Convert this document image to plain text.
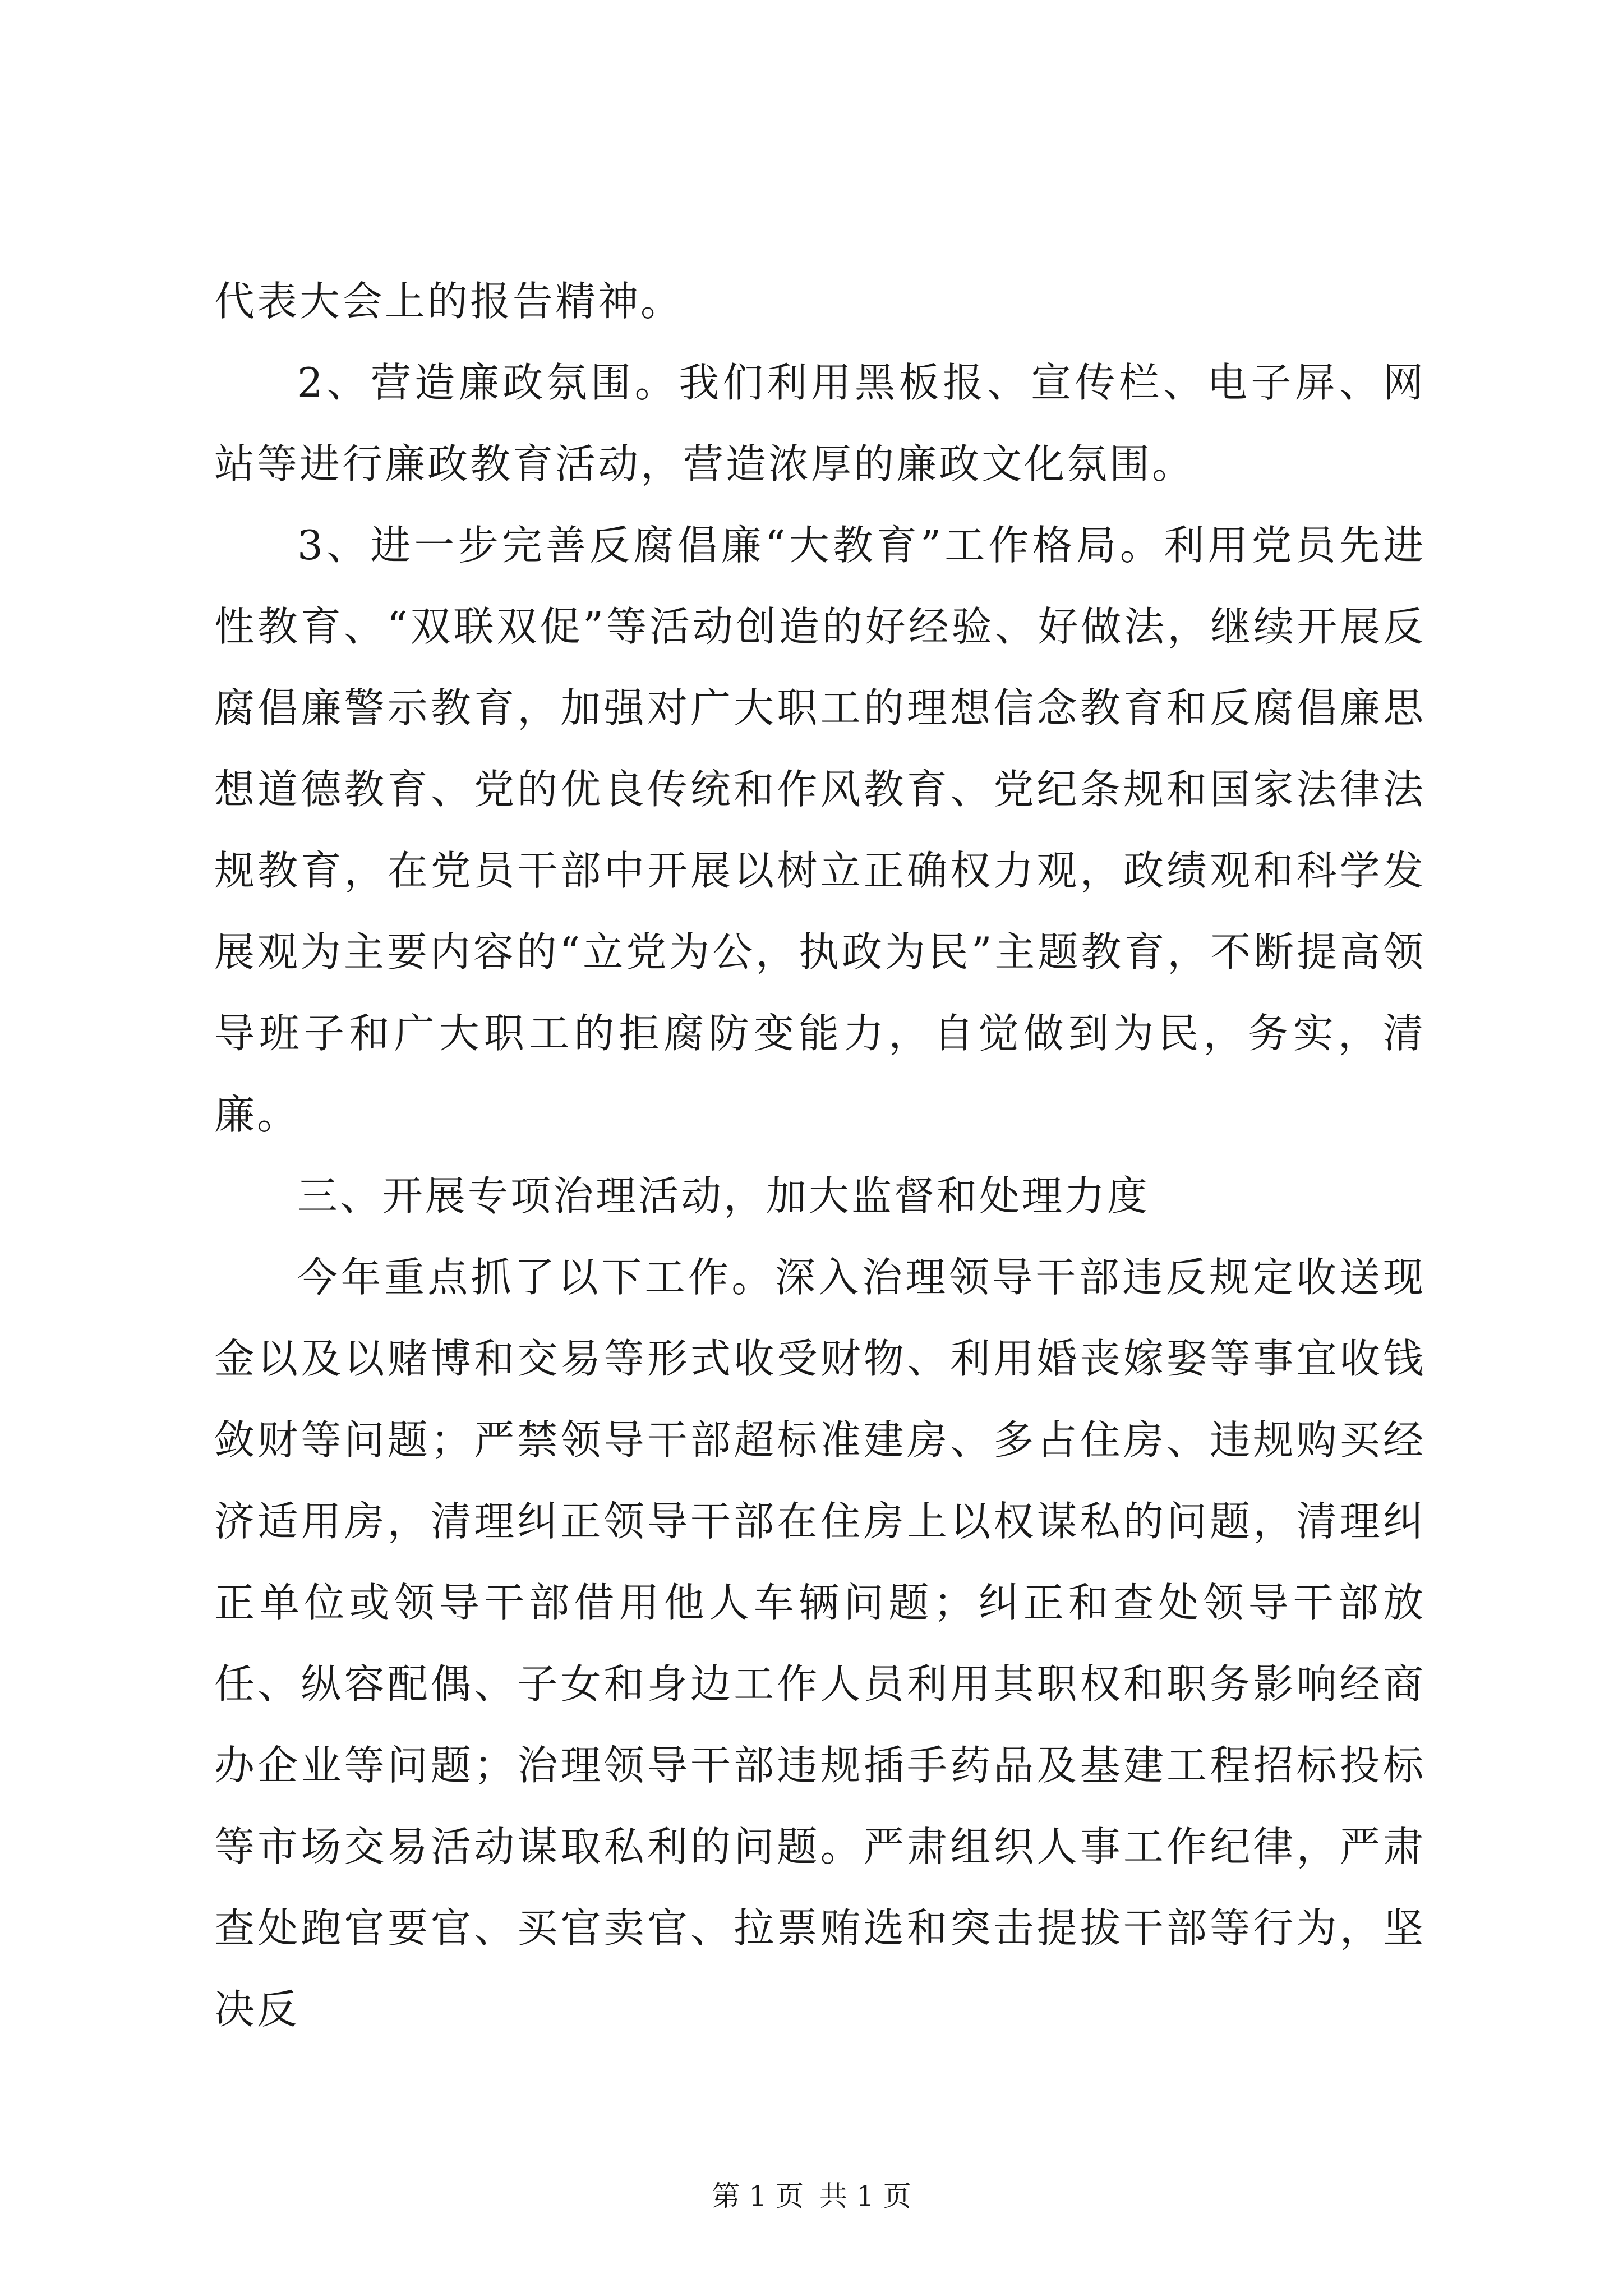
代表大会上的报告精神。

2、营造廉政氛围。我们利用黑板报、宣传栏、电子屏、网站等进行廉政教育活动，营造浓厚的廉政文化氛围。

3、进一步完善反腐倡廉“大教育”工作格局。利用党员先进性教育、“双联双促”等活动创造的好经验、好做法，继续开展反腐倡廉警示教育，加强对广大职工的理想信念教育和反腐倡廉思想道德教育、党的优良传统和作风教育、党纪条规和国家法律法规教育，在党员干部中开展以树立正确权力观，政绩观和科学发展观为主要内容的“立党为公，执政为民”主题教育，不断提高领导班子和广大职工的拒腐防变能力，自觉做到为民，务实，清廉。

三、开展专项治理活动，加大监督和处理力度

今年重点抓了以下工作。深入治理领导干部违反规定收送现金以及以赌博和交易等形式收受财物、利用婚丧嫁娶等事宜收钱敛财等问题；严禁领导干部超标准建房、多占住房、违规购买经济适用房，清理纠正领导干部在住房上以权谋私的问题，清理纠正单位或领导干部借用他人车辆问题；纠正和查处领导干部放任、纵容配偶、子女和身边工作人员利用其职权和职务影响经商办企业等问题；治理领导干部违规插手药品及基建工程招标投标等市场交易活动谋取私利的问题。严肃组织人事工作纪律，严肃查处跑官要官、买官卖官、拉票贿选和突击提拔干部等行为，坚决反

第 1 页 共 1 页
